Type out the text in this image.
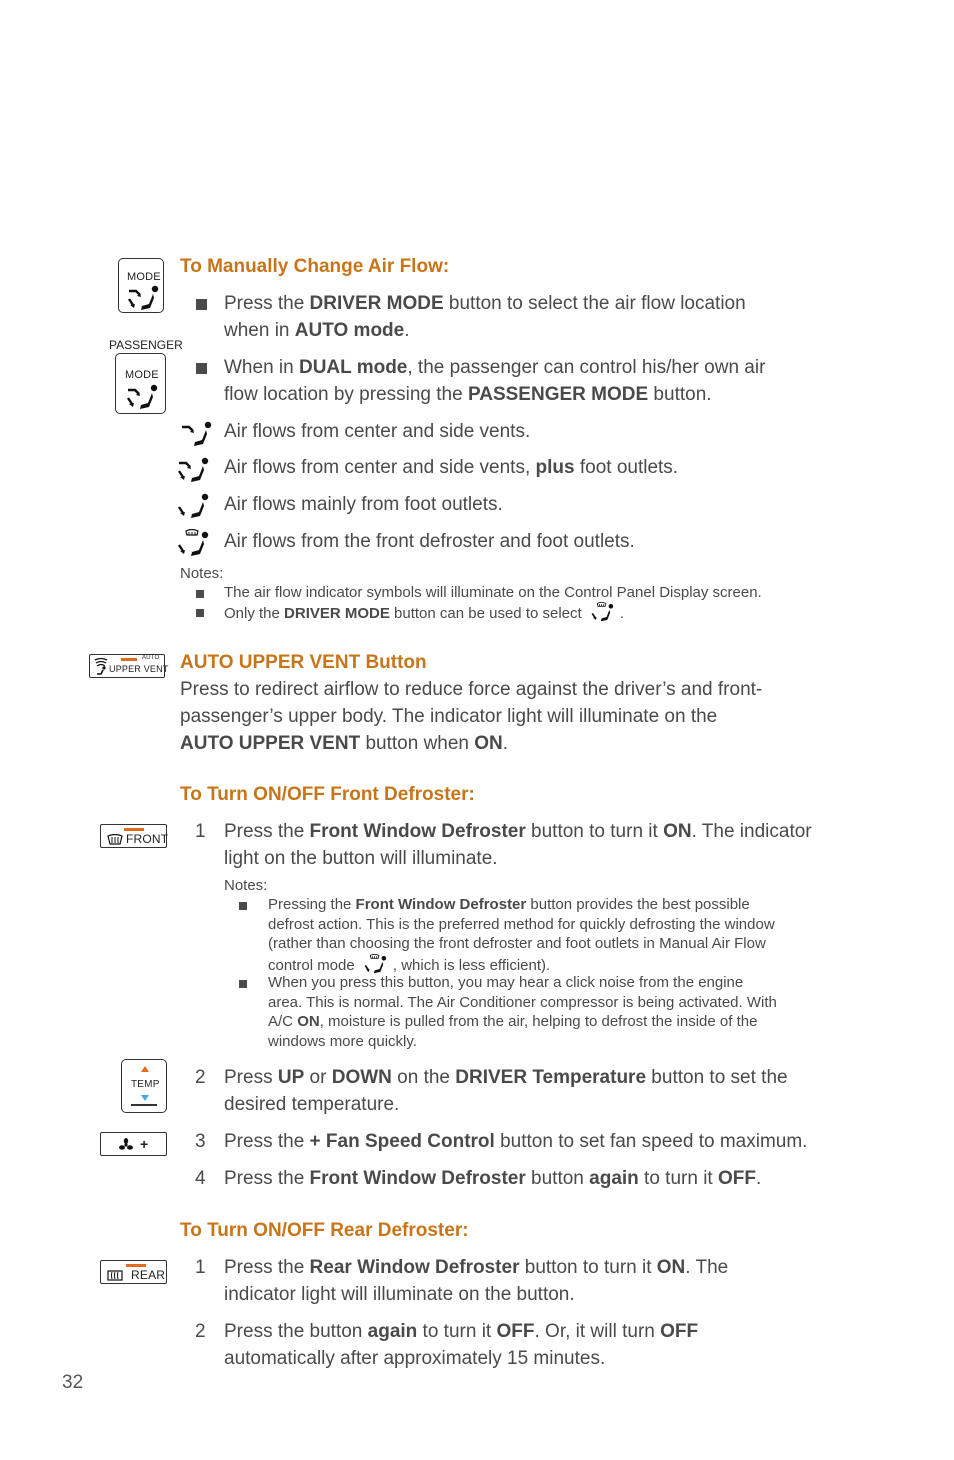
MODE
PASSENGER
MODE
AUTO
UPPER VENT
FRONT
TEMP
+
REAR
To Manually Change Air Flow:
Press the DRIVER MODE button to select the air flow location
when in AUTO mode.
When in DUAL mode, the passenger can control his/her own air
flow location by pressing the PASSENGER MODE button.
Air flows from center and side vents.
Air flows from center and side vents, plus foot outlets.
Air flows mainly from foot outlets.
Air flows from the front defroster and foot outlets.
Notes:
The air flow indicator symbols will illuminate on the Control Panel Display screen.
Only the DRIVER MODE button can be used to select .
AUTO UPPER VENT Button
Press to redirect airflow to reduce force against the driver’s and front-
passenger’s upper body. The indicator light will illuminate on the
AUTO UPPER VENT button when ON.
To Turn ON/OFF Front Defroster:
1 Press the Front Window Defroster button to turn it ON. The indicator
light on the button will illuminate.
Notes:
Pressing the Front Window Defroster button provides the best possible
defrost action. This is the preferred method for quickly defrosting the window
(rather than choosing the front defroster and foot outlets in Manual Air Flow
control mode , which is less efficient).
When you press this button, you may hear a click noise from the engine
area. This is normal. The Air Conditioner compressor is being activated. With
A/C ON, moisture is pulled from the air, helping to defrost the inside of the
windows more quickly.
2 Press UP or DOWN on the DRIVER Temperature button to set the
desired temperature.
3 Press the + Fan Speed Control button to set fan speed to maximum.
4 Press the Front Window Defroster button again to turn it OFF.
To Turn ON/OFF Rear Defroster:
1 Press the Rear Window Defroster button to turn it ON. The
indicator light will illuminate on the button.
2 Press the button again to turn it OFF. Or, it will turn OFF
automatically after approximately 15 minutes.
32
